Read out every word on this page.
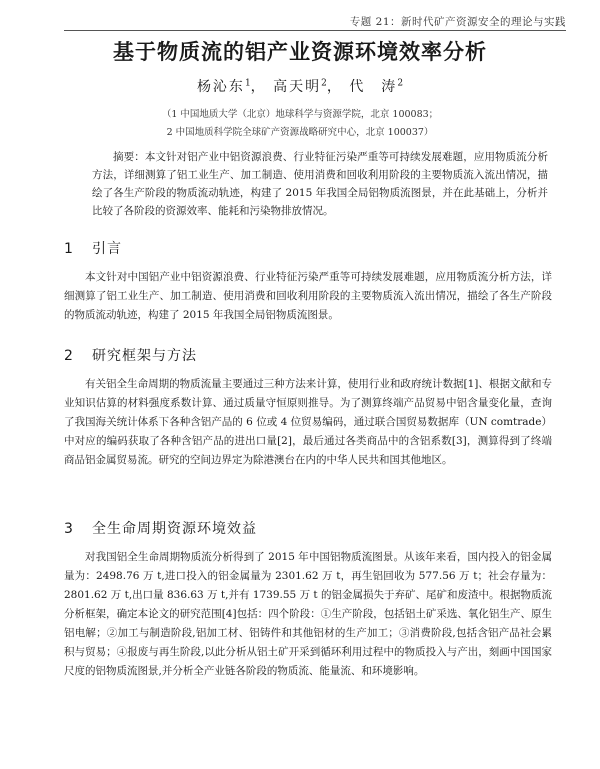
专题 21：新时代矿产资源安全的理论与实践
基于物质流的铝产业资源环境效率分析
杨沁东$^1$， 高天明$^2$， 代　涛$^2$
（1 中国地质大学（北京）地球科学与资源学院，北京 100083；
2 中国地质科学院全球矿产资源战略研究中心，北京 100037）
摘要：本文针对铝产业中铝资源浪费、行业特征污染严重等可持续发展难题，应用物质流分析方法，详细测算了铝工业生产、加工制造、使用消费和回收利用阶段的主要物质流入流出情况，描绘了各生产阶段的物质流动轨迹，构建了 2015 年我国全局铝物质流图景，并在此基础上，分析并比较了各阶段的资源效率、能耗和污染物排放情况。
1 引言
本文针对中国铝产业中铝资源浪费、行业特征污染严重等可持续发展难题，应用物质流分析方法，详细测算了铝工业生产、加工制造、使用消费和回收利用阶段的主要物质流入流出情况，描绘了各生产阶段的物质流动轨迹，构建了 2015 年我国全局铝物质流图景。
2 研究框架与方法
有关铝全生命周期的物质流量主要通过三种方法来计算，使用行业和政府统计数据[1]、根据文献和专业知识估算的材料强度系数计算、通过质量守恒原则推导。为了测算终端产品贸易中铝含量变化量，查询了我国海关统计体系下各种含铝产品的 6 位或 4 位贸易编码，通过联合国贸易数据库（UN comtrade）中对应的编码获取了各种含铝产品的进出口量[2]，最后通过各类商品中的含铝系数[3]，测算得到了终端商品铝金属贸易流。研究的空间边界定为除港澳台在内的中华人民共和国其他地区。
3 全生命周期资源环境效益
对我国铝全生命周期物质流分析得到了 2015 年中国铝物质流图景。从该年来看，国内投入的铝金属量为：2498.76 万 t,进口投入的铝金属量为 2301.62 万 t，再生铝回收为 577.56 万 t；社会存量为：2801.62 万 t,出口量 836.63 万 t,并有 1739.55 万 t 的铝金属损失于弃矿、尾矿和废渣中。根据物质流分析框架，确定本论文的研究范围[4]包括：四个阶段：①生产阶段，包括铝土矿采选、氧化铝生产、原生铝电解；②加工与制造阶段,铝加工材、铝铸件和其他铝材的生产加工；③消费阶段,包括含铝产品社会累积与贸易；④报废与再生阶段,以此分析从铝土矿开采到循环利用过程中的物质投入与产出，刻画中国国家尺度的铝物质流图景,并分析全产业链各阶段的物质流、能量流、和环境影响。
